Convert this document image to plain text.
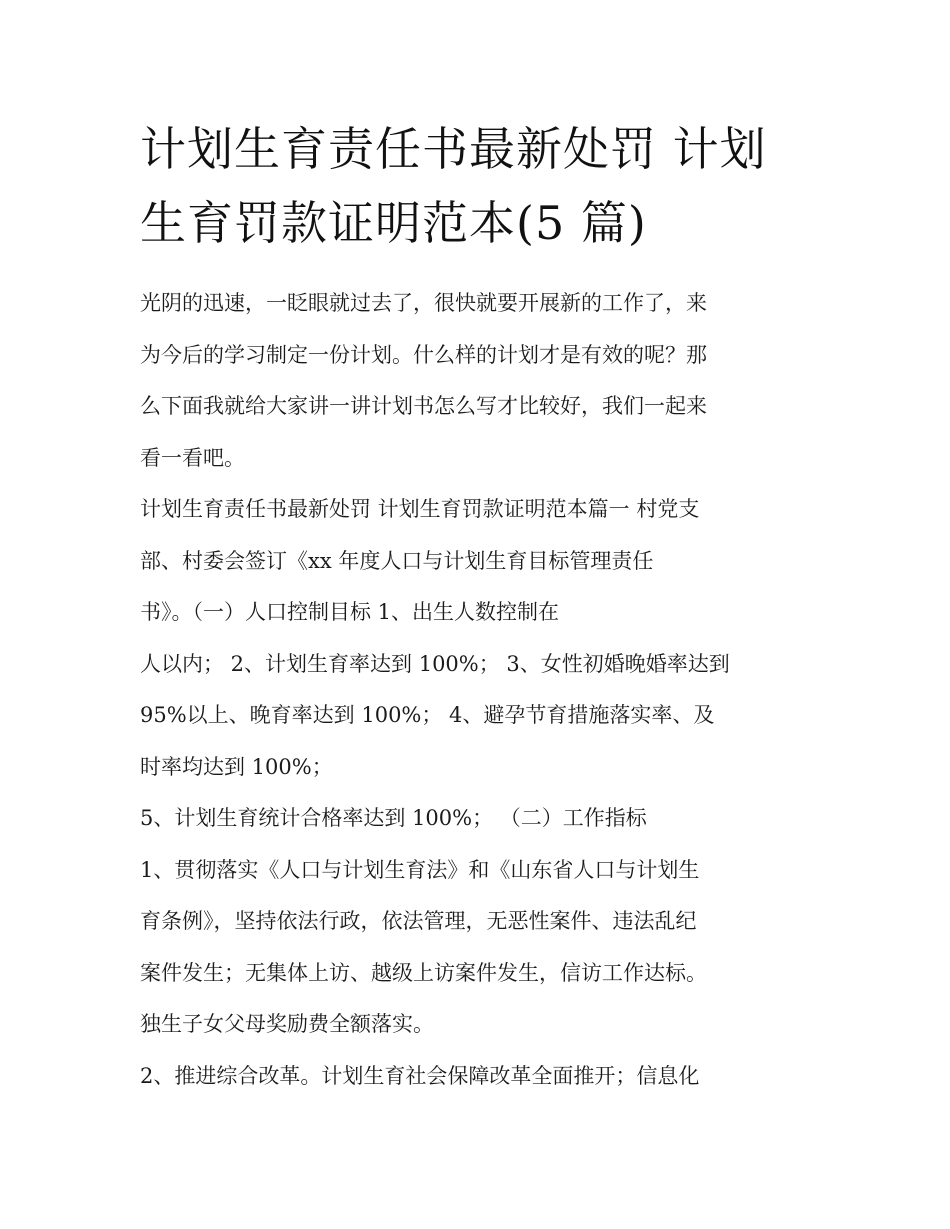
计划生育责任书最新处罚 计划
生育罚款证明范本(5 篇)

光阴的迅速，一眨眼就过去了，很快就要开展新的工作了，来
为今后的学习制定一份计划。什么样的计划才是有效的呢？那
么下面我就给大家讲一讲计划书怎么写才比较好，我们一起来
看一看吧。

计划生育责任书最新处罚 计划生育罚款证明范本篇一 村党支
部、村委会签订《xx 年度人口与计划生育目标管理责任
书》。（一）人口控制目标 1、出生人数控制在
人以内； 2、计划生育率达到 100%； 3、女性初婚晚婚率达到
95%以上、晚育率达到 100%； 4、避孕节育措施落实率、及
时率均达到 100%；

5、计划生育统计合格率达到 100%； （二）工作指标

1、贯彻落实《人口与计划生育法》和《山东省人口与计划生
育条例》，坚持依法行政，依法管理，无恶性案件、违法乱纪
案件发生；无集体上访、越级上访案件发生，信访工作达标。
独生子女父母奖励费全额落实。

2、推进综合改革。计划生育社会保障改革全面推开；信息化
